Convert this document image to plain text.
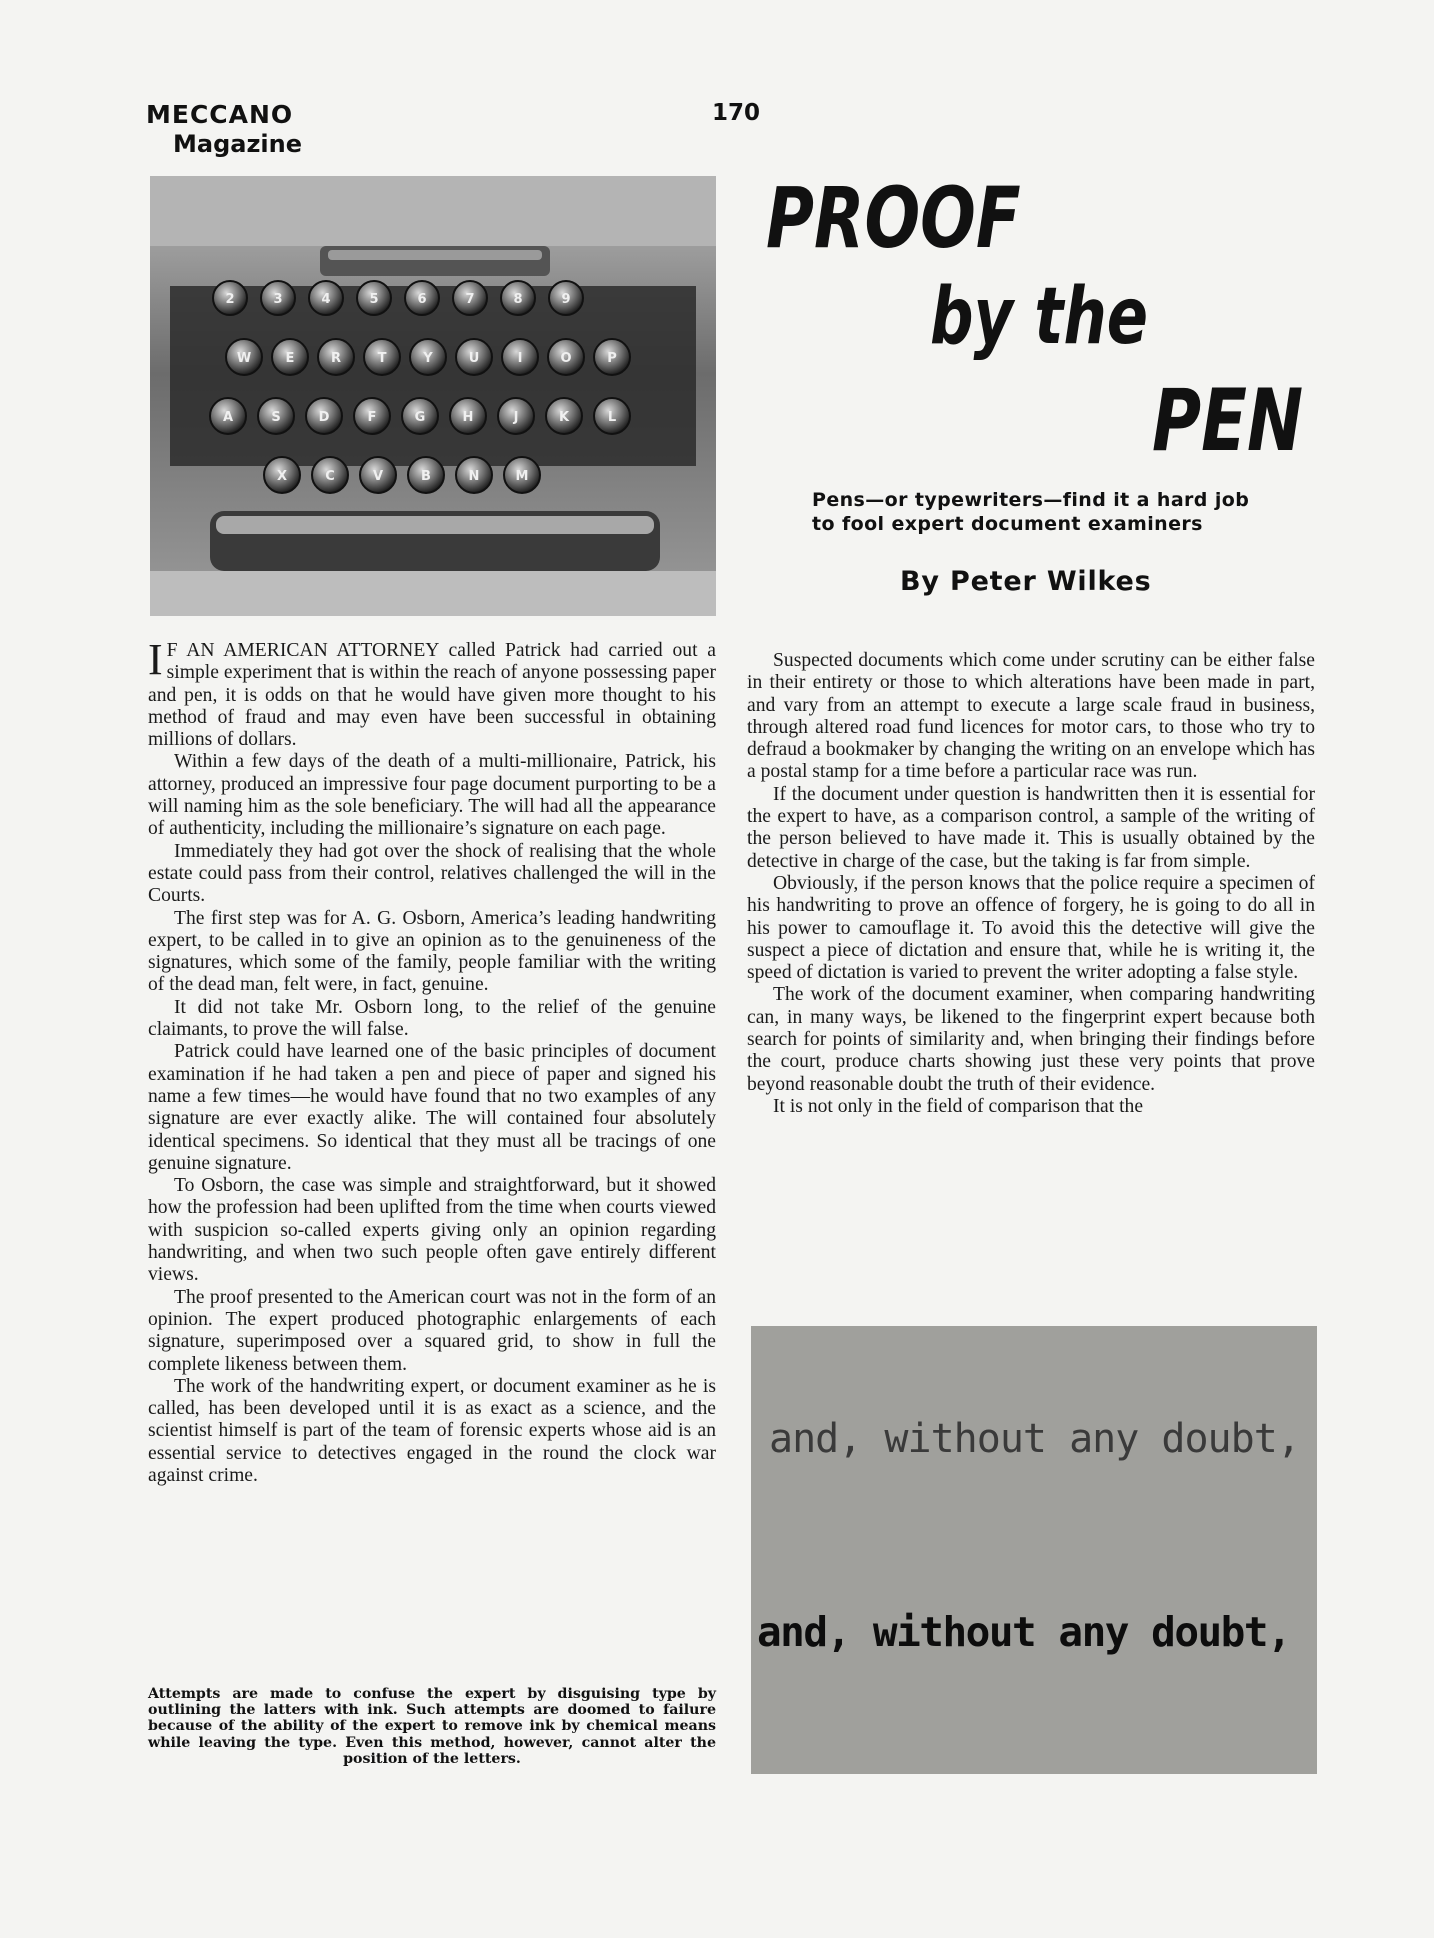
MECCANO
Magazine
170
2	3	4	5	6	7	8	9
W	E	R	T	Y	U	I	O	P
A	S	D	F	G	H	J	K	L
X	C	V	B	N	M
PROOF
by the
PEN
Pens—or typewriters—find it a hard job to fool expert document examiners
By Peter Wilkes

I F AN AMERICAN ATTORNEY called Patrick had carried out a simple experiment that is within the reach of anyone possessing paper and pen, it is odds on that he would have given more thought to his method of fraud and may even have been successful in obtaining millions of dollars.

Within a few days of the death of a multi-millionaire, Patrick, his attorney, produced an impressive four page document purporting to be a will naming him as the sole beneficiary. The will had all the appearance of authenticity, including the millionaire’s signature on each page.

Immediately they had got over the shock of realising that the whole estate could pass from their control, relatives challenged the will in the Courts.

The first step was for A. G. Osborn, America’s leading handwriting expert, to be called in to give an opinion as to the genuineness of the signatures, which some of the family, people familiar with the writing of the dead man, felt were, in fact, genuine.

It did not take Mr. Osborn long, to the relief of the genuine claimants, to prove the will false.

Patrick could have learned one of the basic principles of document examination if he had taken a pen and piece of paper and signed his name a few times—he would have found that no two examples of any signature are ever exactly alike. The will contained four absolutely identical specimens. So identical that they must all be tracings of one genuine signature.

To Osborn, the case was simple and straightforward, but it showed how the profession had been uplifted from the time when courts viewed with suspicion so-called experts giving only an opinion regarding handwriting, and when two such people often gave entirely different views.

The proof presented to the American court was not in the form of an opinion. The expert produced photographic enlargements of each signature, superimposed over a squared grid, to show in full the complete likeness between them.

The work of the handwriting expert, or document examiner as he is called, has been developed until it is as exact as a science, and the scientist himself is part of the team of forensic experts whose aid is an essential service to detectives engaged in the round the clock war against crime.

Attempts are made to confuse the expert by disguising type by outlining the latters with ink. Such attempts are doomed to failure because of the ability of the expert to remove ink by chemical means while leaving the type. Even this method, however, cannot alter the position of the letters.

Suspected documents which come under scrutiny can be either false in their entirety or those to which alterations have been made in part, and vary from an attempt to execute a large scale fraud in business, through altered road fund licences for motor cars, to those who try to defraud a bookmaker by changing the writing on an envelope which has a postal stamp for a time before a particular race was run.

If the document under question is handwritten then it is essential for the expert to have, as a comparison control, a sample of the writing of the person believed to have made it. This is usually obtained by the detective in charge of the case, but the taking is far from simple.

Obviously, if the person knows that the police require a specimen of his handwriting to prove an offence of forgery, he is going to do all in his power to camouflage it. To avoid this the detective will give the suspect a piece of dictation and ensure that, while he is writing it, the speed of dictation is varied to prevent the writer adopting a false style.

The work of the document examiner, when comparing handwriting can, in many ways, be likened to the fingerprint expert because both search for points of similarity and, when bringing their findings before the court, produce charts showing just these very points that prove beyond reasonable doubt the truth of their evidence.

It is not only in the field of comparison that the

and, without any doubt,
and, without any doubt,
